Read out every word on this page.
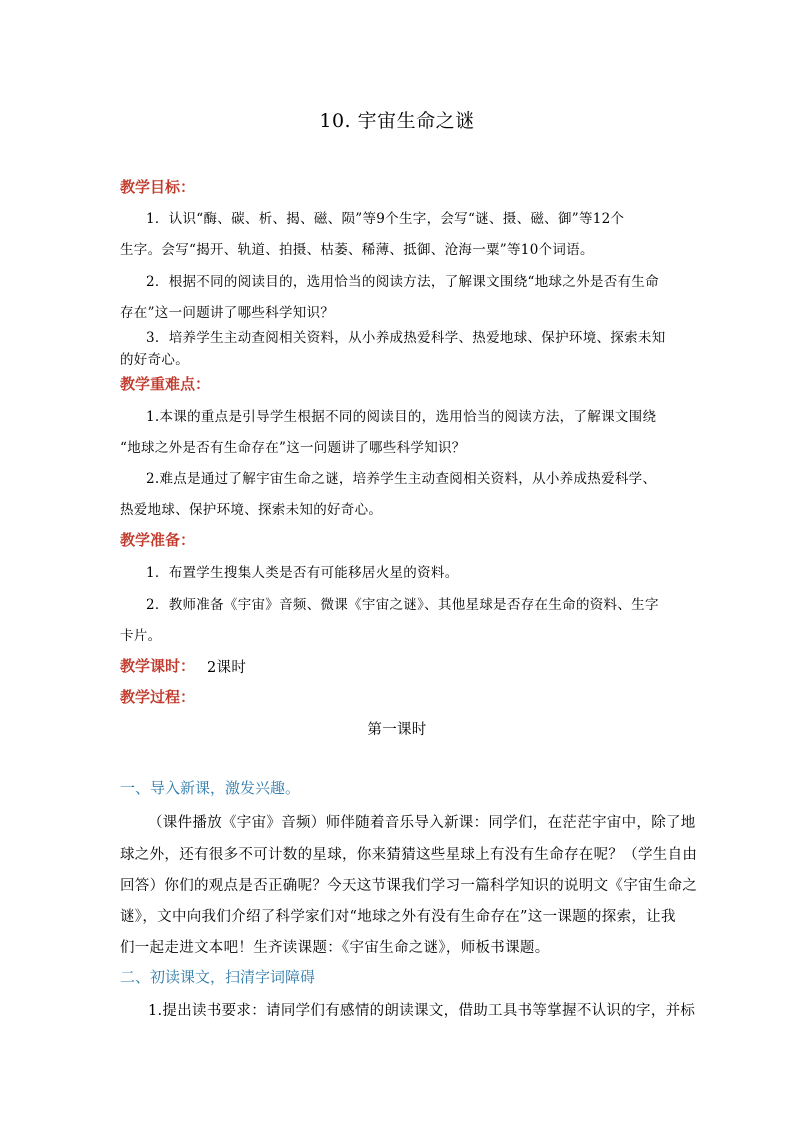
10. 宇宙生命之谜
教学目标：
1．认识“酶、碳、析、揭、磁、陨”等9个生字，会写“谜、摄、磁、御”等12个
生字。会写“揭开、轨道、拍摄、枯萎、稀薄、抵御、沧海一粟”等10个词语。
2．根据不同的阅读目的，选用恰当的阅读方法，了解课文围绕“地球之外是否有生命
存在”这一问题讲了哪些科学知识？
3．培养学生主动查阅相关资料，从小养成热爱科学、热爱地球、保护环境、探索未知
的好奇心。
教学重难点：
1.本课的重点是引导学生根据不同的阅读目的，选用恰当的阅读方法，了解课文围绕
“地球之外是否有生命存在”这一问题讲了哪些科学知识？
2.难点是通过了解宇宙生命之谜，培养学生主动查阅相关资料，从小养成热爱科学、
热爱地球、保护环境、探索未知的好奇心。
教学准备：
1．布置学生搜集人类是否有可能移居火星的资料。
2．教师准备《宇宙》音频、微课《宇宙之谜》、其他星球是否存在生命的资料、生字
卡片。
教学课时： 2课时
教学过程：
第一课时
一、导入新课，激发兴趣。
（课件播放《宇宙》音频）师伴随着音乐导入新课：同学们，在茫茫宇宙中，除了地
球之外，还有很多不可计数的星球，你来猜猜这些星球上有没有生命存在呢？（学生自由
回答）你们的观点是否正确呢？今天这节课我们学习一篇科学知识的说明文《宇宙生命之
谜》，文中向我们介绍了科学家们对“地球之外有没有生命存在”这一课题的探索，让我
们一起走进文本吧！生齐读课题：《宇宙生命之谜》，师板书课题。
二、初读课文，扫清字词障碍
1.提出读书要求：请同学们有感情的朗读课文，借助工具书等掌握不认识的字，并标
